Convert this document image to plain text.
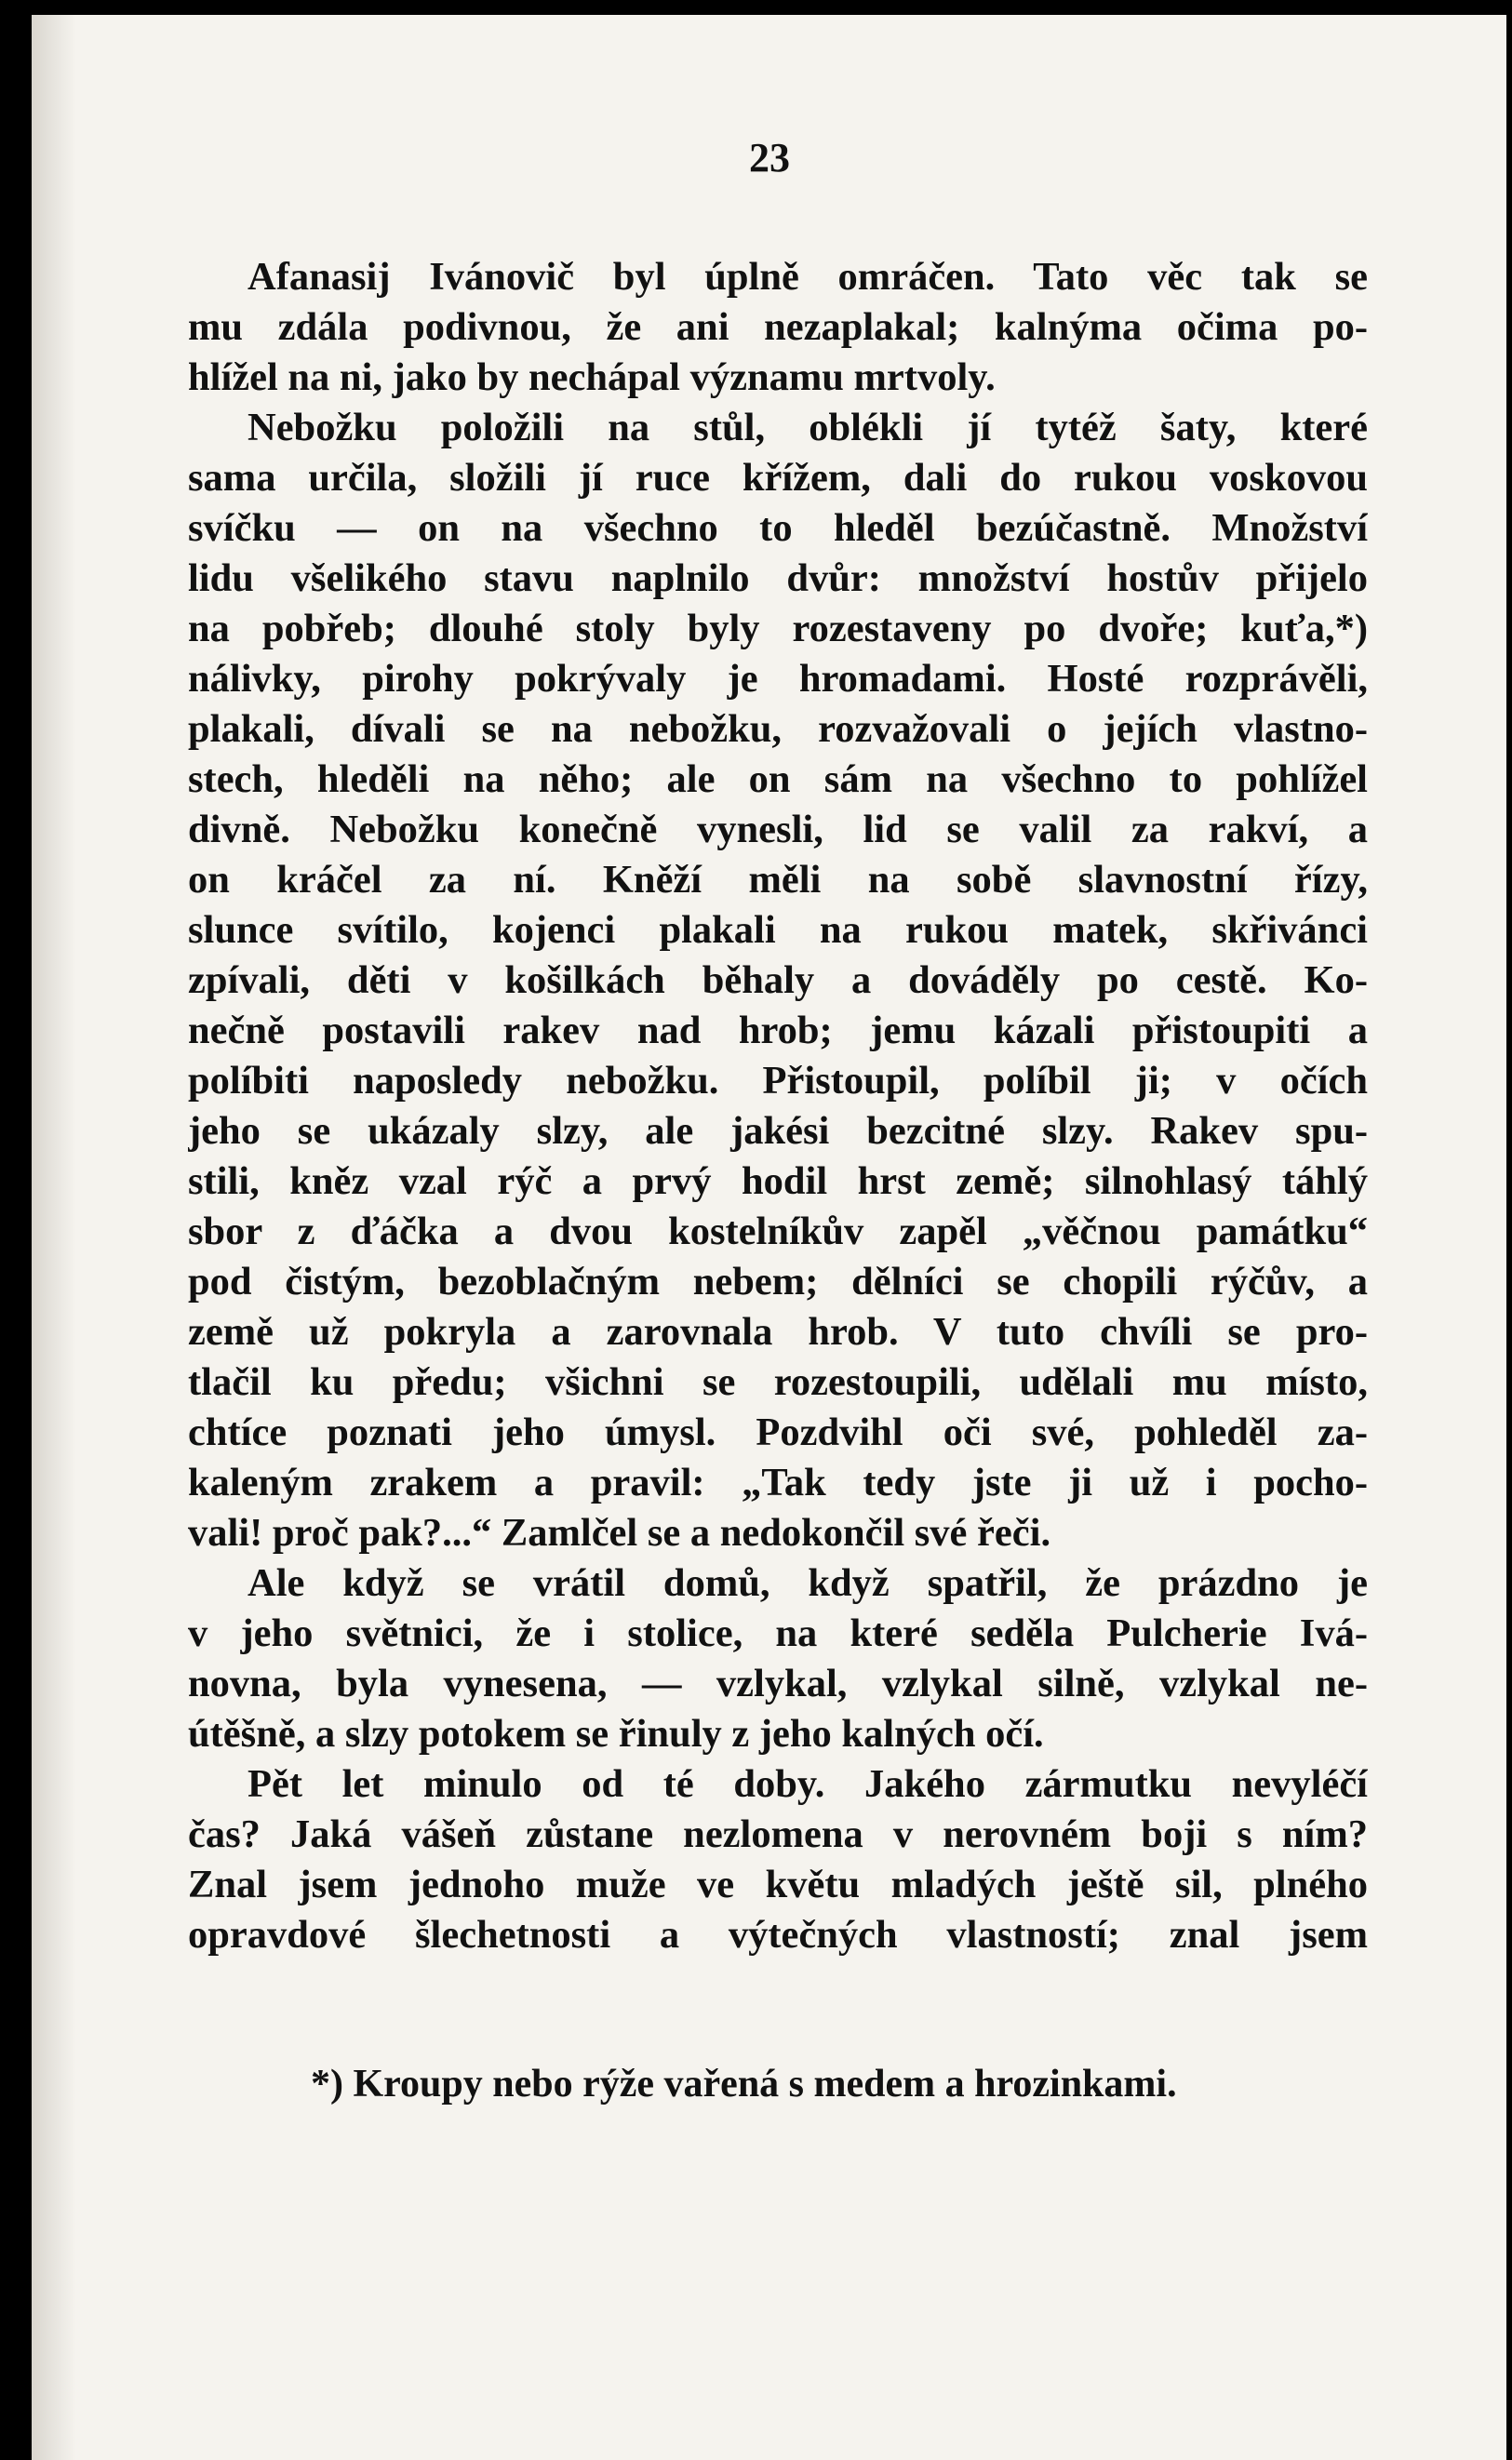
23
Afanasij Ivánovič byl úplně omráčen. Tato věc tak se
mu zdála podivnou, že ani nezaplakal; kalnýma očima po-
hlížel na ni, jako by nechápal významu mrtvoly.
Nebožku položili na stůl, oblékli jí tytéž šaty, které
sama určila, složili jí ruce křížem, dali do rukou voskovou
svíčku — on na všechno to hleděl bezúčastně. Množství
lidu všelikého stavu naplnilo dvůr: množství hostův přijelo
na pobřeb; dlouhé stoly byly rozestaveny po dvoře; kuťa,*)
nálivky, pirohy pokrývaly je hromadami. Hosté rozprávěli,
plakali, dívali se na nebožku, rozvažovali o jejích vlastno-
stech, hleděli na něho; ale on sám na všechno to pohlížel
divně. Nebožku konečně vynesli, lid se valil za rakví, a
on kráčel za ní. Kněží měli na sobě slavnostní řízy,
slunce svítilo, kojenci plakali na rukou matek, skřivánci
zpívali, děti v košilkách běhaly a dováděly po cestě. Ko-
nečně postavili rakev nad hrob; jemu kázali přistoupiti a
políbiti naposledy nebožku. Přistoupil, políbil ji; v očích
jeho se ukázaly slzy, ale jakési bezcitné slzy. Rakev spu-
stili, kněz vzal rýč a prvý hodil hrst země; silnohlasý táhlý
sbor z ďáčka a dvou kostelníkův zapěl „věčnou památku“
pod čistým, bezoblačným nebem; dělníci se chopili rýčův, a
země už pokryla a zarovnala hrob. V tuto chvíli se pro-
tlačil ku předu; všichni se rozestoupili, udělali mu místo,
chtíce poznati jeho úmysl. Pozdvihl oči své, pohleděl za-
kaleným zrakem a pravil: „Tak tedy jste ji už i pocho-
vali! proč pak?...“ Zamlčel se a nedokončil své řeči.
Ale když se vrátil domů, když spatřil, že prázdno je
v jeho světnici, že i stolice, na které seděla Pulcherie Ivá-
novna, byla vynesena, — vzlykal, vzlykal silně, vzlykal ne-
útěšně, a slzy potokem se řinuly z jeho kalných očí.
Pět let minulo od té doby. Jakého zármutku nevyléčí
čas? Jaká vášeň zůstane nezlomena v nerovném boji s ním?
Znal jsem jednoho muže ve květu mladých ještě sil, plného
opravdové šlechetnosti a výtečných vlastností; znal jsem
*) Kroupy nebo rýže vařená s medem a hrozinkami.
